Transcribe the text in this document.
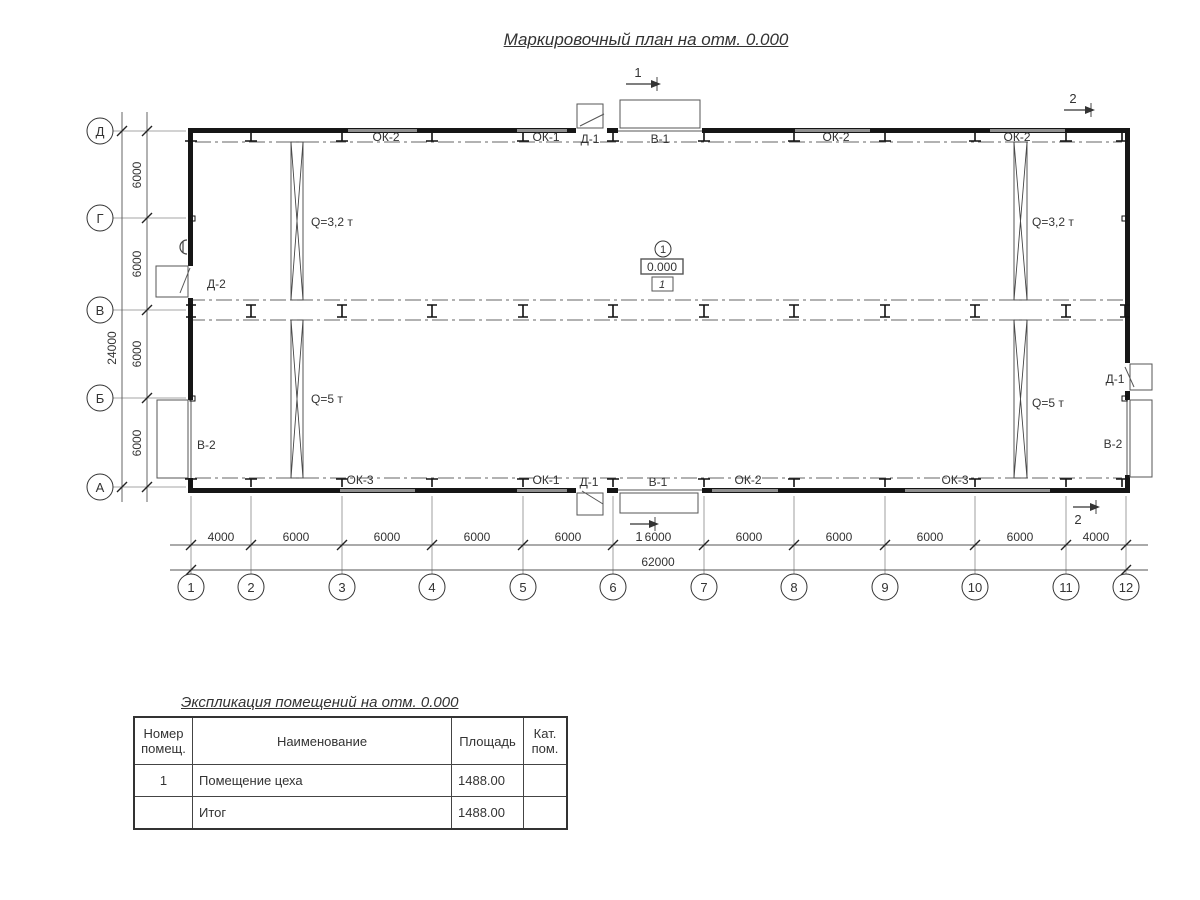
Маркировочный план на отм. 0.000
Q=3,2 т	Q=3,2 т
Q=5 т	Q=5 т
ОК-2	ОК-1 Д-1	В-1	ОК-2	ОК-2
ОК-3	ОК-1 Д-1	В-1	ОК-2	ОК-3
Д-2
В-2
Д-1
В-2
1
0.000
1
1
2
1
2
4000	6000	6000	6000	6000	6000	6000	6000	6000	6000	4000
62000
6000
6000
6000
6000
24000
1	2	3	4	5	6	7	8	9	10	11	12
Д
Г
В
Б
А
Экспликация помещений на отм. 0.000
Номер помещ.	Наименование	Площадь	Кат. пом.
1	Помещение цеха	1488.00	
	Итог	1488.00	
